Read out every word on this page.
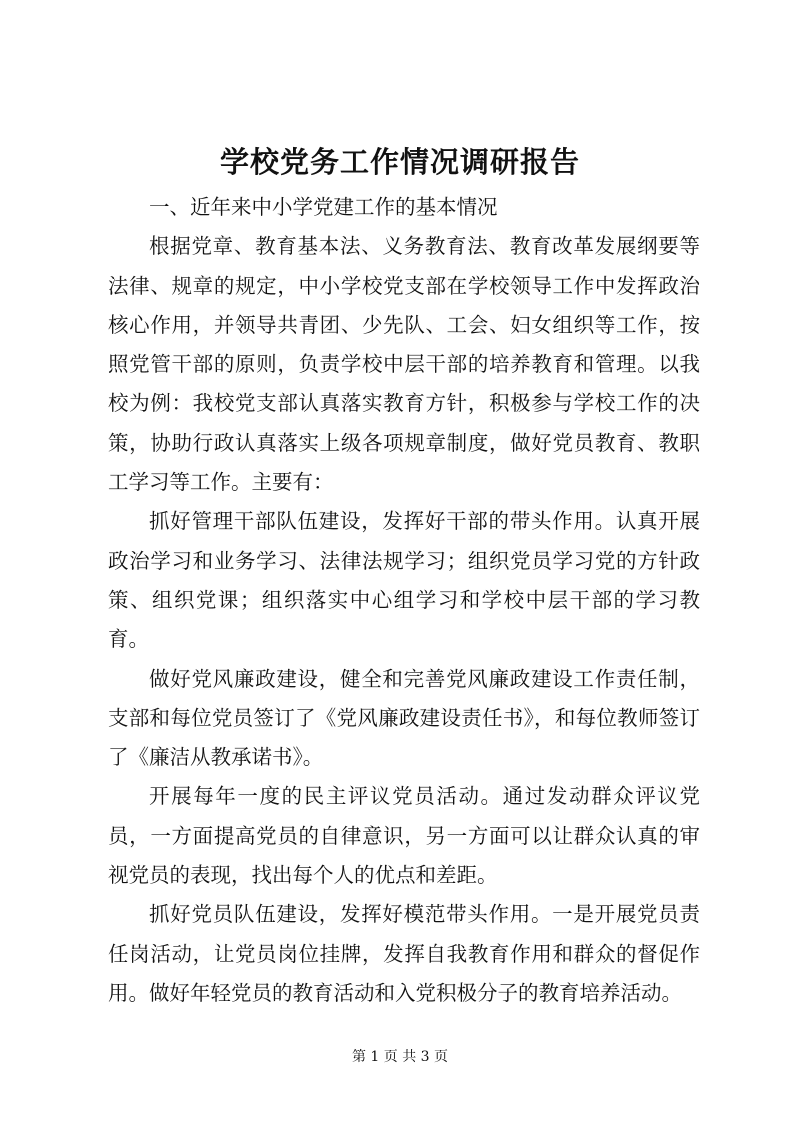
学校党务工作情况调研报告

一、近年来中小学党建工作的基本情况

根据党章、教育基本法、义务教育法、教育改革发展纲要等法律、规章的规定，中小学校党支部在学校领导工作中发挥政治核心作用，并领导共青团、少先队、工会、妇女组织等工作，按照党管干部的原则，负责学校中层干部的培养教育和管理。以我校为例：我校党支部认真落实教育方针，积极参与学校工作的决策，协助行政认真落实上级各项规章制度，做好党员教育、教职工学习等工作。主要有：

抓好管理干部队伍建设，发挥好干部的带头作用。认真开展政治学习和业务学习、法律法规学习；组织党员学习党的方针政策、组织党课；组织落实中心组学习和学校中层干部的学习教育。

做好党风廉政建设，健全和完善党风廉政建设工作责任制，支部和每位党员签订了《党风廉政建设责任书》，和每位教师签订了《廉洁从教承诺书》。

开展每年一度的民主评议党员活动。通过发动群众评议党员，一方面提高党员的自律意识，另一方面可以让群众认真的审视党员的表现，找出每个人的优点和差距。

抓好党员队伍建设，发挥好模范带头作用。一是开展党员责任岗活动，让党员岗位挂牌，发挥自我教育作用和群众的督促作用。做好年轻党员的教育活动和入党积极分子的教育培养活动。

第 1 页 共 3 页
